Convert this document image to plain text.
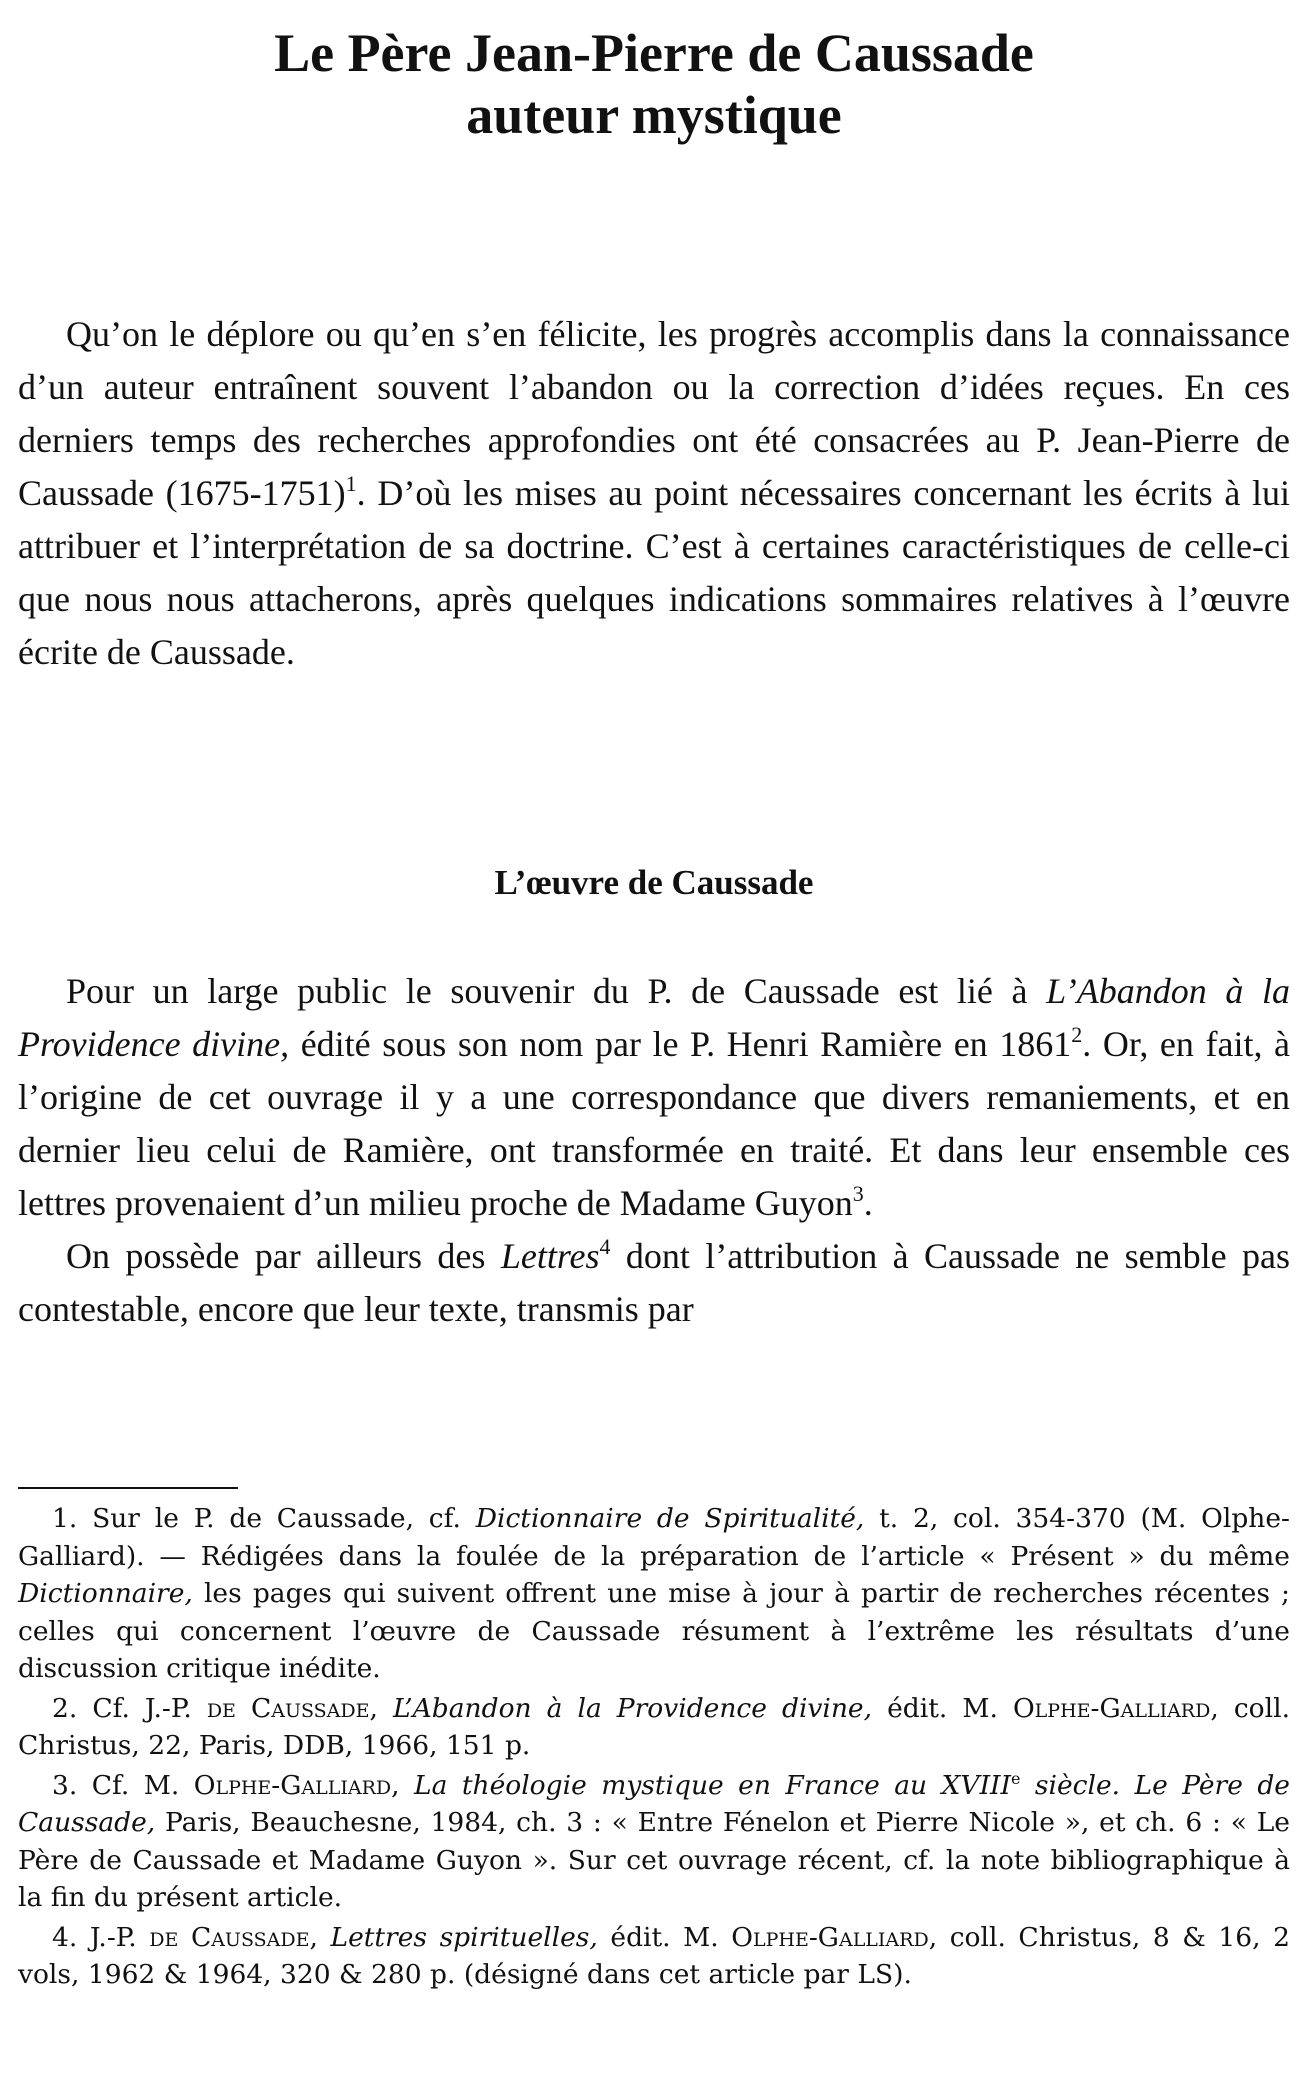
Le Père Jean-Pierre de Caussade
auteur mystique

Qu’on le déplore ou qu’en s’en félicite, les progrès accomplis dans la connaissance d’un auteur entraînent souvent l’abandon ou la correction d’idées reçues. En ces derniers temps des recherches approfondies ont été consacrées au P. Jean-Pierre de Caussade (1675-1751)$^1$. D’où les mises au point nécessaires concernant les écrits à lui attribuer et l’interprétation de sa doctrine. C’est à certaines caractéristiques de celle-ci que nous nous attacherons, après quelques indications sommaires relatives à l’œuvre écrite de Caussade.

L’œuvre de Caussade

Pour un large public le souvenir du P. de Caussade est lié à L’Abandon à la Providence divine, édité sous son nom par le P. Henri Ramière en 1861$^2$. Or, en fait, à l’origine de cet ouvrage il y a une correspondance que divers remaniements, et en dernier lieu celui de Ramière, ont transformée en traité. Et dans leur ensemble ces lettres provenaient d’un milieu proche de Madame Guyon$^3$.

On possède par ailleurs des Lettres$^4$ dont l’attribution à Caussade ne semble pas contestable, encore que leur texte, transmis par

1. Sur le P. de Caussade, cf. Dictionnaire de Spiritualité, t. 2, col. 354-370 (M. Olphe-Galliard). — Rédigées dans la foulée de la préparation de l’article « Présent » du même Dictionnaire, les pages qui suivent offrent une mise à jour à partir de recherches récentes ; celles qui concernent l’œuvre de Caussade résument à l’extrême les résultats d’une discussion critique inédite.

2. Cf. J.-P. de Caussade, L’Abandon à la Providence divine, édit. M. Olphe-Galliard, coll. Christus, 22, Paris, DDB, 1966, 151 p.

3. Cf. M. Olphe-Galliard, La théologie mystique en France au XVIIIe siècle. Le Père de Caussade, Paris, Beauchesne, 1984, ch. 3 : « Entre Fénelon et Pierre Nicole », et ch. 6 : « Le Père de Caussade et Madame Guyon ». Sur cet ouvrage récent, cf. la note bibliographique à la fin du présent article.

4. J.-P. de Caussade, Lettres spirituelles, édit. M. Olphe-Galliard, coll. Christus, 8 & 16, 2 vols, 1962 & 1964, 320 & 280 p. (désigné dans cet article par LS).
